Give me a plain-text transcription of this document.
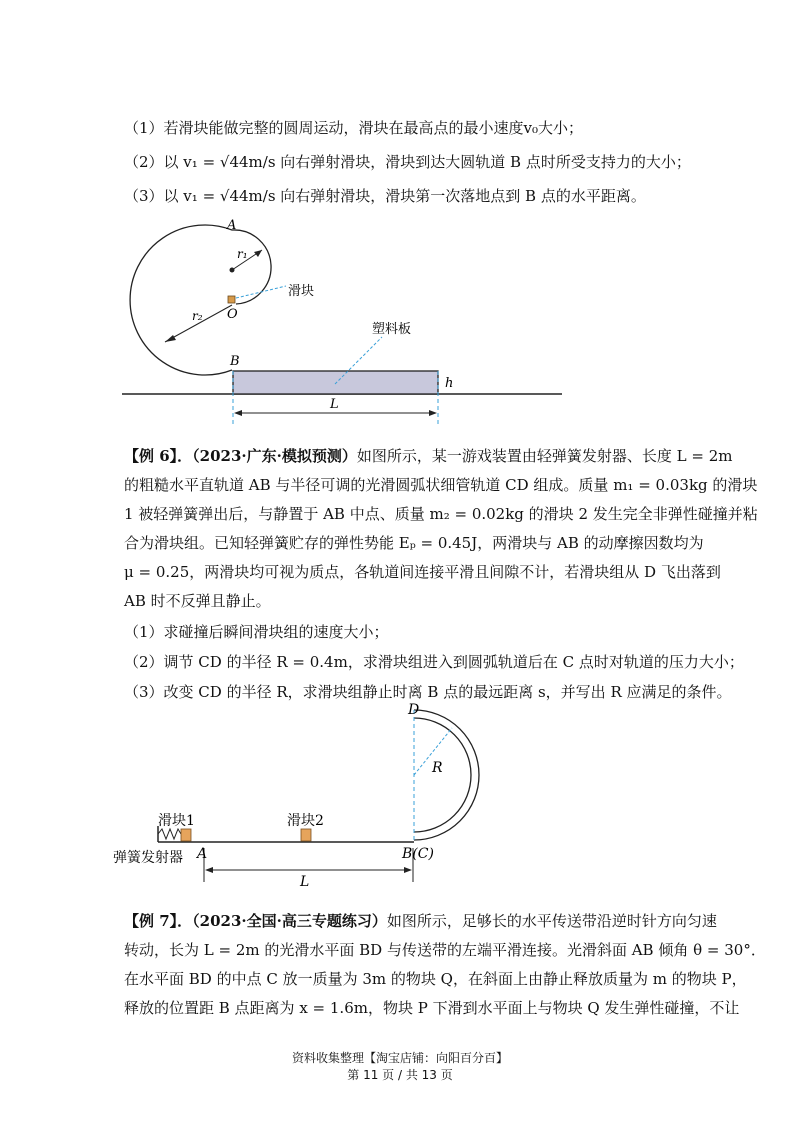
（1）若滑块能做完整的圆周运动，滑块在最高点的最小速度v₀大小；
（2）以 v₁ = √44m/s 向右弹射滑块，滑块到达大圆轨道 B 点时所受支持力的大小；
（3）以 v₁ = √44m/s 向右弹射滑块，滑块第一次落地点到 B 点的水平距离。
A
r₁
滑块
r₂ O
塑料板
B
h
L
【例 6】．（2023·广东·模拟预测）如图所示，某一游戏装置由轻弹簧发射器、长度 L = 2m
的粗糙水平直轨道 AB 与半径可调的光滑圆弧状细管轨道 CD 组成。质量 m₁ = 0.03kg 的滑块
1 被轻弹簧弹出后，与静置于 AB 中点、质量 m₂ = 0.02kg 的滑块 2 发生完全非弹性碰撞并粘
合为滑块组。已知轻弹簧贮存的弹性势能 Eₚ = 0.45J，两滑块与 AB 的动摩擦因数均为
μ = 0.25，两滑块均可视为质点，各轨道间连接平滑且间隙不计，若滑块组从 D 飞出落到
AB 时不反弹且静止。
（1）求碰撞后瞬间滑块组的速度大小；
（2）调节 CD 的半径 R = 0.4m，求滑块组进入到圆弧轨道后在 C 点时对轨道的压力大小；
（3）改变 CD 的半径 R，求滑块组静止时离 B 点的最远距离 s，并写出 R 应满足的条件。
D
R
滑块1	滑块2
弹簧发射器 A	B(C)
L
【例 7】．（2023·全国·高三专题练习）如图所示，足够长的水平传送带沿逆时针方向匀速
转动，长为 L = 2m 的光滑水平面 BD 与传送带的左端平滑连接。光滑斜面 AB 倾角 θ = 30°．
在水平面 BD 的中点 C 放一质量为 3m 的物块 Q，在斜面上由静止释放质量为 m 的物块 P，
释放的位置距 B 点距离为 x = 1.6m，物块 P 下滑到水平面上与物块 Q 发生弹性碰撞，不让
资料收集整理【淘宝店铺：向阳百分百】
第 11 页 / 共 13 页
